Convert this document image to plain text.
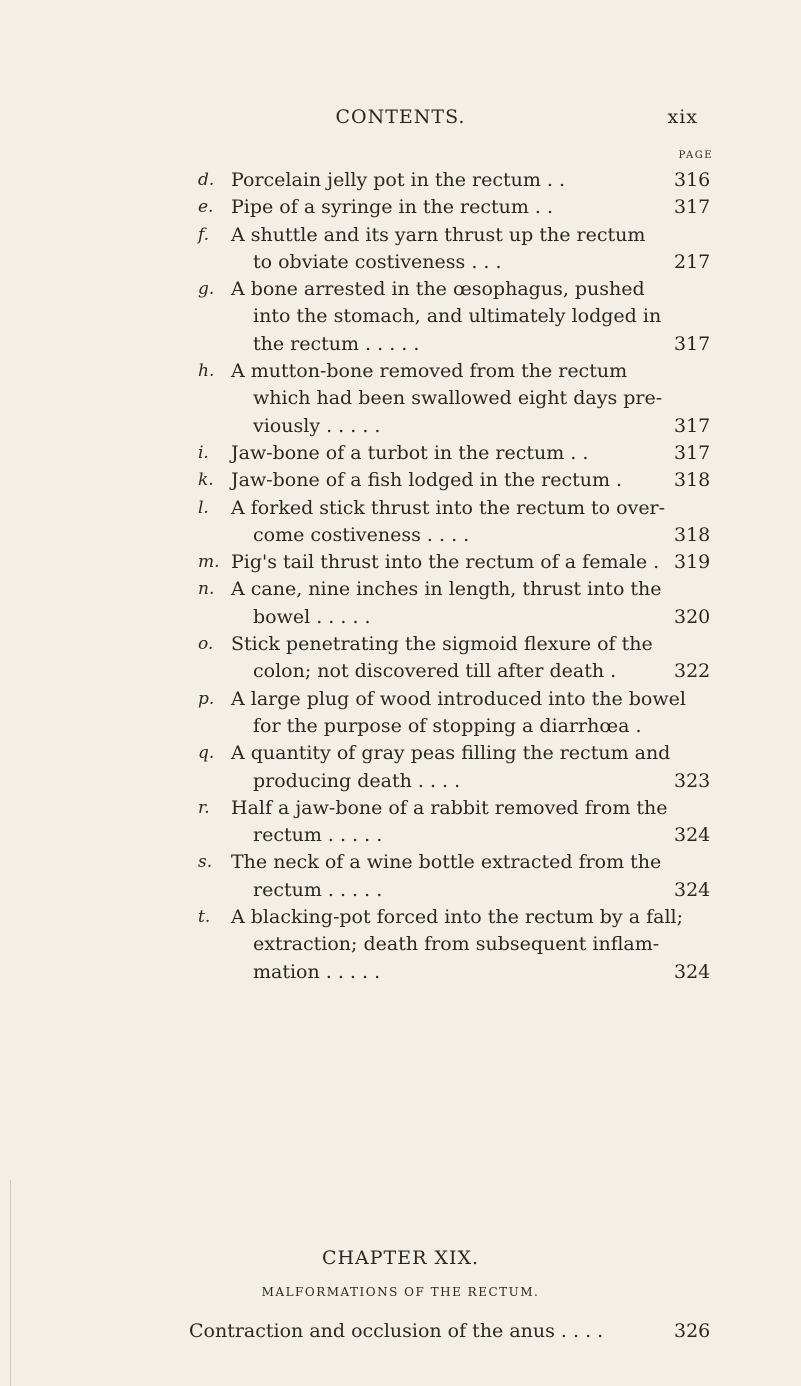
CONTENTS.	xix
PAGE
d. Porcelain jelly pot in the rectum . .	316
e. Pipe of a syringe in the rectum . .	317
f.	A shuttle and its yarn thrust up the rectum
to obviate costiveness . . .	217
g. A bone arrested in the œsophagus, pushed
into the stomach, and ultimately lodged in
the rectum . . . . .	317
h. A mutton-bone removed from the rectum
which had been swallowed eight days pre-
viously . . . . .	317
i.	Jaw-bone of a turbot in the rectum . .	317
k. Jaw-bone of a fish lodged in the rectum .	318
l.	A forked stick thrust into the rectum to over-
come costiveness . . . .	318
m. Pig's tail thrust into the rectum of a female . 319
n. A cane, nine inches in length, thrust into the
bowel . . . . .	320
o. Stick penetrating the sigmoid flexure of the
colon; not discovered till after death .	322
p. A large plug of wood introduced into the bowel
for the purpose of stopping a diarrhœa .
q. A quantity of gray peas filling the rectum and
producing death . . . .	323
r.	Half a jaw-bone of a rabbit removed from the
rectum . . . . .	324
s. The neck of a wine bottle extracted from the
rectum . . . . .	324
t.	A blacking-pot forced into the rectum by a fall;
extraction; death from subsequent inflam-
mation . . . . .	324
CHAPTER XIX.
MALFORMATIONS OF THE RECTUM.
Contraction and occlusion of the anus . . . .	326
